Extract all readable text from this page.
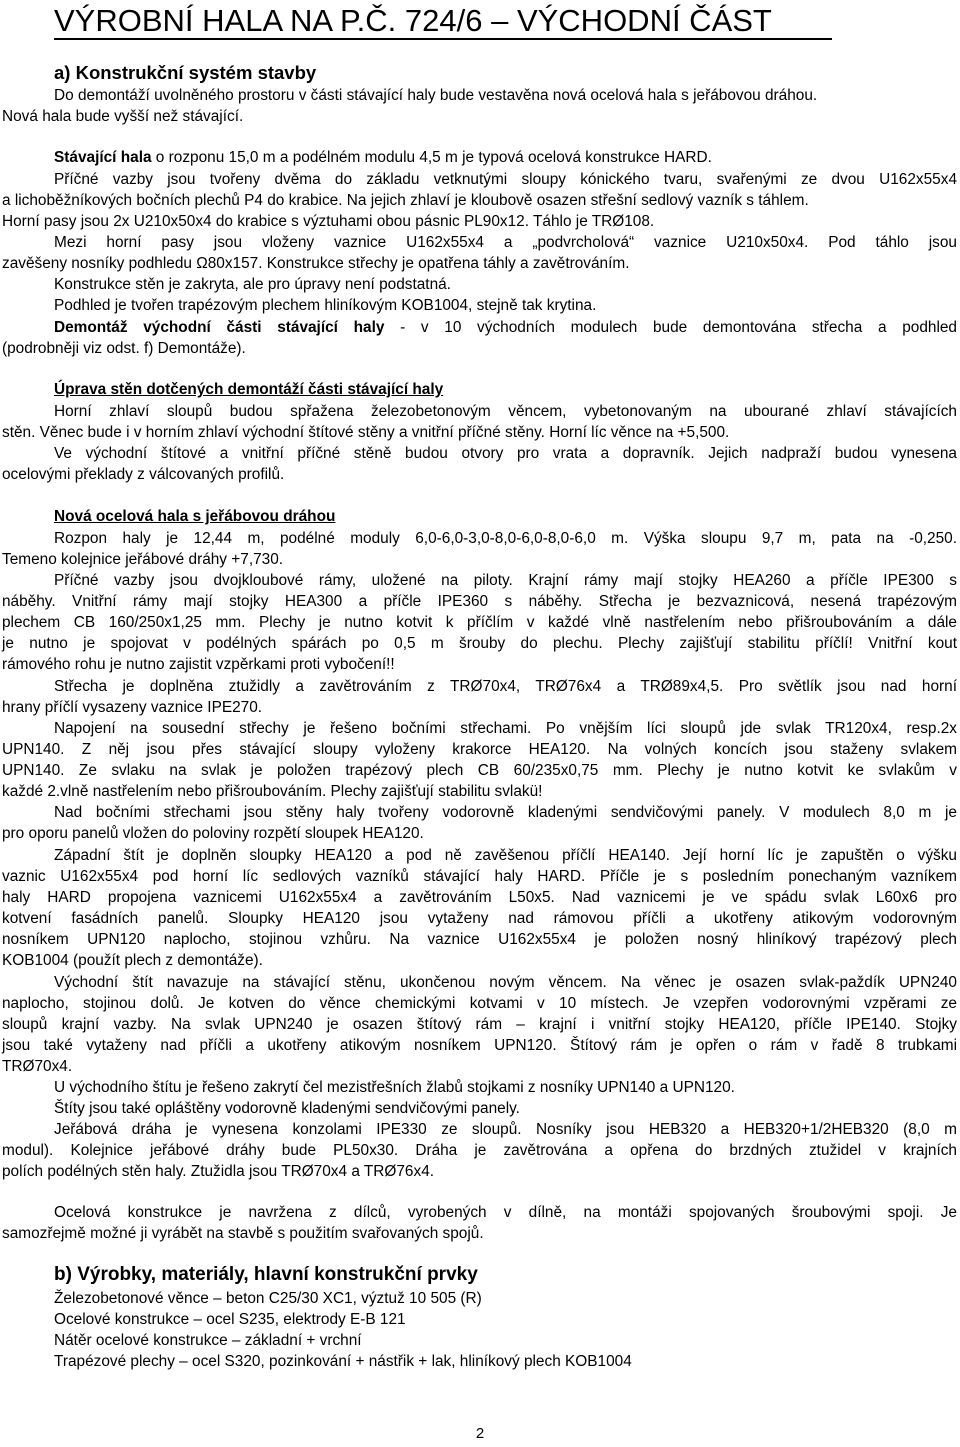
VÝROBNÍ HALA NA P.Č. 724/6 – VÝCHODNÍ ČÁST
a) Konstrukční systém stavby
Do demontáží uvolněného prostoru v části stávající haly bude vestavěna nová ocelová hala s jeřábovou dráhou.
Nová hala bude vyšší než stávající.
Stávající hala o rozponu 15,0 m a podélném modulu 4,5 m je typová ocelová konstrukce HARD.
Příčné vazby jsou tvořeny dvěma do základu vetknutými sloupy kónického tvaru, svařenými ze dvou U162x55x4
a lichoběžníkových bočních plechů P4 do krabice. Na jejich zhlaví je kloubově osazen střešní sedlový vazník s táhlem.
Horní pasy jsou 2x U210x50x4 do krabice s výztuhami obou pásnic PL90x12. Táhlo je TRØ108.
Mezi horní pasy jsou vloženy vaznice U162x55x4 a „podvrcholová“ vaznice U210x50x4. Pod táhlo jsou
zavěšeny nosníky podhledu Ω80x157. Konstrukce střechy je opatřena táhly a zavětrováním.
Konstrukce stěn je zakryta, ale pro úpravy není podstatná.
Podhled je tvořen trapézovým plechem hliníkovým KOB1004, stejně tak krytina.
Demontáž východní části stávající haly - v 10 východních modulech bude demontována střecha a podhled
(podrobněji viz odst. f) Demontáže).
Úprava stěn dotčených demontáží části stávající haly
Horní zhlaví sloupů budou spřažena železobetonovým věncem, vybetonovaným na ubourané zhlaví stávajících
stěn. Věnec bude i v horním zhlaví východní štítové stěny a vnitřní příčné stěny. Horní líc věnce na +5,500.
Ve východní štítové a vnitřní příčné stěně budou otvory pro vrata a dopravník. Jejich nadpraží budou vynesena
ocelovými překlady z válcovaných profilů.
Nová ocelová hala s jeřábovou dráhou
Rozpon haly je 12,44 m, podélné moduly 6,0-6,0-3,0-8,0-6,0-8,0-6,0 m. Výška sloupu 9,7 m, pata na -0,250.
Temeno kolejnice jeřábové dráhy +7,730.
Příčné vazby jsou dvojkloubové rámy, uložené na piloty. Krajní rámy mají stojky HEA260 a příčle IPE300 s
náběhy. Vnitřní rámy mají stojky HEA300 a příčle IPE360 s náběhy. Střecha je bezvaznicová, nesená trapézovým
plechem CB 160/250x1,25 mm. Plechy je nutno kotvit k příčlím v každé vlně nastřelením nebo přišroubováním a dále
je nutno je spojovat v podélných spárách po 0,5 m šrouby do plechu. Plechy zajišťují stabilitu příčlí! Vnitřní kout
rámového rohu je nutno zajistit vzpěrkami proti vybočení!!
Střecha je doplněna ztužidly a zavětrováním z TRØ70x4, TRØ76x4 a TRØ89x4,5. Pro světlík jsou nad horní
hrany příčlí vysazeny vaznice IPE270.
Napojení na sousední střechy je řešeno bočními střechami. Po vnějším líci sloupů jde svlak TR120x4, resp.2x
UPN140. Z něj jsou přes stávající sloupy vyloženy krakorce HEA120. Na volných koncích jsou staženy svlakem
UPN140. Ze svlaku na svlak je položen trapézový plech CB 60/235x0,75 mm. Plechy je nutno kotvit ke svlakům v
každé 2.vlně nastřelením nebo přišroubováním. Plechy zajišťují stabilitu svlakü!
Nad bočními střechami jsou stěny haly tvořeny vodorovně kladenými sendvičovými panely. V modulech 8,0 m je
pro oporu panelů vložen do poloviny rozpětí sloupek HEA120.
Západní štít je doplněn sloupky HEA120 a pod ně zavěšenou příčlí HEA140. Její horní líc je zapuštěn o výšku
vaznic U162x55x4 pod horní líc sedlových vazníků stávající haly HARD. Příčle je s posledním ponechaným vazníkem
haly HARD propojena vaznicemi U162x55x4 a zavětrováním L50x5. Nad vaznicemi je ve spádu svlak L60x6 pro
kotvení fasádních panelů. Sloupky HEA120 jsou vytaženy nad rámovou příčli a ukotřeny atikovým vodorovným
nosníkem UPN120 naplocho, stojinou vzhůru. Na vaznice U162x55x4 je položen nosný hliníkový trapézový plech
KOB1004 (použít plech z demontáže).
Východní štít navazuje na stávající stěnu, ukončenou novým věncem. Na věnec je osazen svlak-paždík UPN240
naplocho, stojinou dolů. Je kotven do věnce chemickými kotvami v 10 místech. Je vzepřen vodorovnými vzpěrami ze
sloupů krajní vazby. Na svlak UPN240 je osazen štítový rám – krajní i vnitřní stojky HEA120, příčle IPE140. Stojky
jsou také vytaženy nad příčli a ukotřeny atikovým nosníkem UPN120. Štítový rám je opřen o rám v řadě 8 trubkami
TRØ70x4.
U východního štítu je řešeno zakrytí čel mezistřešních žlabů stojkami z nosníky UPN140 a UPN120.
Štíty jsou také opláštěny vodorovně kladenými sendvičovými panely.
Jeřábová dráha je vynesena konzolami IPE330 ze sloupů. Nosníky jsou HEB320 a HEB320+1/2HEB320 (8,0 m
modul). Kolejnice jeřábové dráhy bude PL50x30. Dráha je zavětrována a opřena do brzdných ztužidel v krajních
polích podélných stěn haly. Ztužidla jsou TRØ70x4 a TRØ76x4.
Ocelová konstrukce je navržena z dílců, vyrobených v dílně, na montáži spojovaných šroubovými spoji. Je
samozřejmě možné ji vyrábět na stavbě s použitím svařovaných spojů.
b) Výrobky, materiály, hlavní konstrukční prvky
Železobetonové věnce – beton C25/30 XC1, výztuž 10 505 (R)
Ocelové konstrukce – ocel S235, elektrody E-B 121
Nátěr ocelové konstrukce – základní + vrchní
Trapézové plechy – ocel S320, pozinkování + nástřik + lak, hliníkový plech KOB1004
2
